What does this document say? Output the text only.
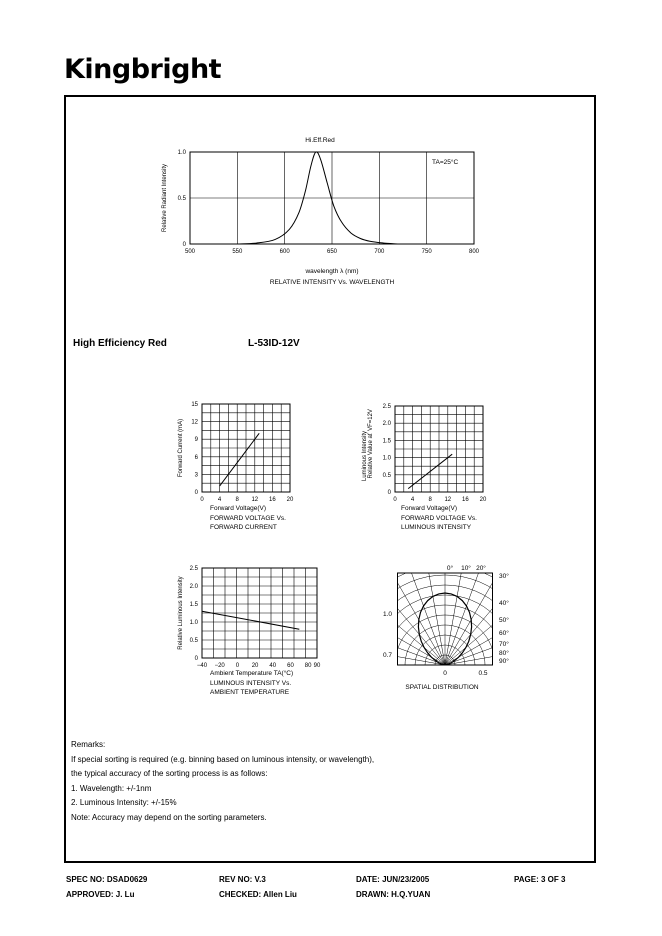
Kingbright
500	550	600	650	700	750	800
0
0.5
1.0
Hi.Eff.Red
TA=25°C
wavelength λ (nm)
RELATIVE INTENSITY Vs. WAVELENGTH
Relative Radiant Intensity
High Efficiency Red	L-53ID-12V
0 4 8 12 16 20
0
3
6
9
12
15
Forward Voltage(V)
FORWARD VOLTAGE Vs.
FORWARD CURRENT
Forward Current (mA)
0 4 8 12 16 20
0
0.5
1.0
1.5
2.0
2.5
Forward Voltage(V)
FORWARD VOLTAGE Vs.
LUMINOUS INTENSITY
Luminous Intensity Relative Value at
VF=12V
−40 −20 0 20 40 60 80 90
0
0.5
1.0
1.5
2.0
2.5
Ambient Temperature TA(°C)
LUMINOUS INTENSITY Vs.
AMBIENT TEMPERATURE
Relative Luminous Intensity
0° 10° 20°
30°
40°
50°
60°
70°
80°
90°
1.0
0.7
0	0.5
SPATIAL DISTRIBUTION
Remarks:
If special sorting is required (e.g. binning based on luminous intensity, or wavelength),
the typical accuracy of the sorting process is as follows:
1. Wavelength: +/-1nm
2. Luminous Intensity: +/-15%
Note: Accuracy may depend on the sorting parameters.
SPEC NO: DSAD0629	REV NO: V.3	DATE: JUN/23/2005	PAGE: 3 OF 3
APPROVED: J. Lu	CHECKED: Allen Liu	DRAWN: H.Q.YUAN
